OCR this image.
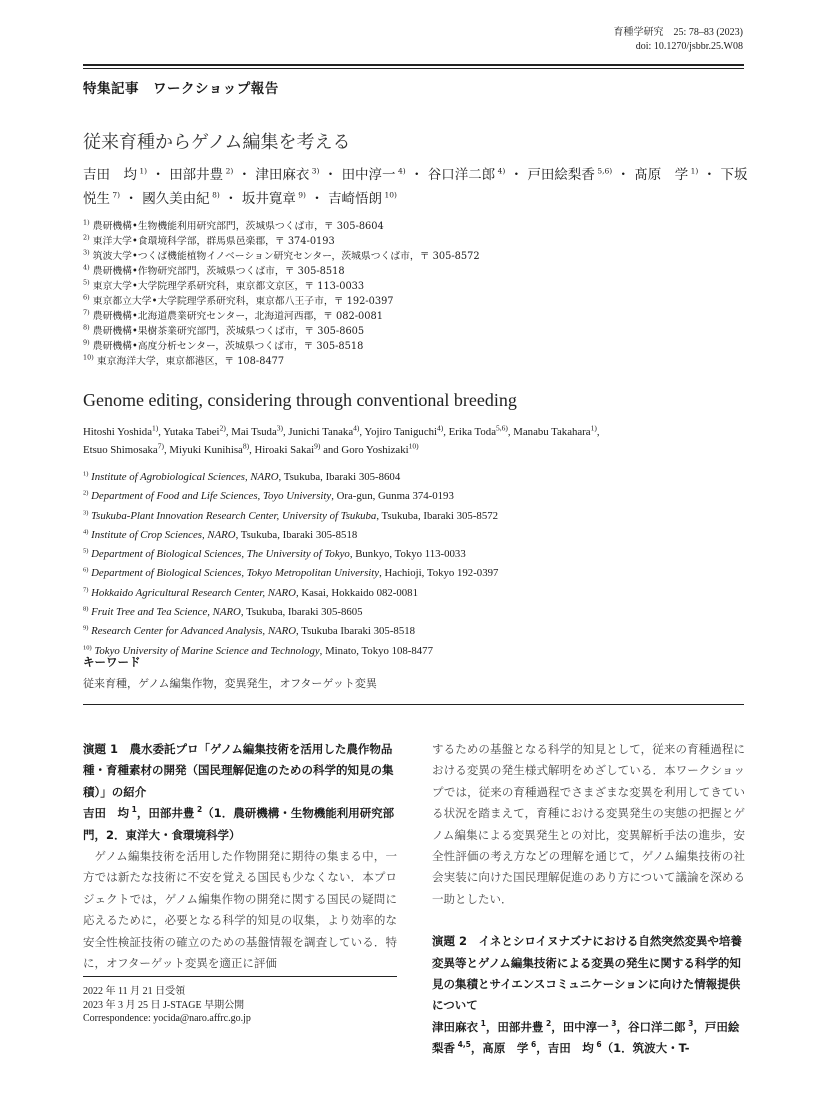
育種学研究　 25: 78–83 (2023)
doi: 10.1270/jsbbr.25.W08
特集記事　ワークショップ報告
従来育種からゲノム編集を考える
吉田　均 $^{1)}$ ・ 田部井豊 $^{2)}$ ・ 津田麻衣 $^{3)}$ ・ 田中淳一 $^{4)}$ ・ 谷口洋二郎 $^{4)}$ ・ 戸田絵梨香 $^{5,6)}$ ・ 髙原　学 $^{1)}$ ・ 下坂悦生 $^{7)}$ ・ 國久美由紀 $^{8)}$ ・ 坂井寛章 $^{9)}$ ・ 吉崎悟朗 $^{10)}$
$^{1)}$ 農研機構•生物機能利用研究部門，茨城県つくば市，〒 305-8604
$^{2)}$ 東洋大学•食環境科学部，群馬県邑楽郡，〒 374-0193
$^{3)}$ 筑波大学•つくば機能植物イノベーション研究センター，茨城県つくば市，〒 305-8572
$^{4)}$ 農研機構•作物研究部門，茨城県つくば市，〒 305-8518
$^{5)}$ 東京大学•大学院理学系研究科，東京都文京区，〒 113-0033
$^{6)}$ 東京都立大学•大学院理学系研究科，東京都八王子市，〒 192-0397
$^{7)}$ 農研機構•北海道農業研究センター，北海道河西郡，〒 082-0081
$^{8)}$ 農研機構•果樹茶業研究部門，茨城県つくば市，〒 305-8605
$^{9)}$ 農研機構•高度分析センター，茨城県つくば市，〒 305-8518
$^{10)}$ 東京海洋大学，東京都港区，〒 108-8477
Genome editing, considering through conventional breeding
Hitoshi Yoshida$^{1)}$, Yutaka Tabei$^{2)}$, Mai Tsuda$^{3)}$, Junichi Tanaka$^{4)}$, Yojiro Taniguchi$^{4)}$, Erika Toda$^{5,6)}$, Manabu Takahara$^{1)}$,
Etsuo Shimosaka$^{7)}$, Miyuki Kunihisa$^{8)}$, Hiroaki Sakai$^{9)}$ and Goro Yoshizaki$^{10)}$
$^{1)}$ Institute of Agrobiological Sciences, NARO, Tsukuba, Ibaraki 305-8604
$^{2)}$ Department of Food and Life Sciences, Toyo University, Ora-gun, Gunma 374-0193
$^{3)}$ Tsukuba-Plant Innovation Research Center, University of Tsukuba, Tsukuba, Ibaraki 305-8572
$^{4)}$ Institute of Crop Sciences, NARO, Tsukuba, Ibaraki 305-8518
$^{5)}$ Department of Biological Sciences, The University of Tokyo, Bunkyo, Tokyo 113-0033
$^{6)}$ Department of Biological Sciences, Tokyo Metropolitan University, Hachioji, Tokyo 192-0397
$^{7)}$ Hokkaido Agricultural Research Center, NARO, Kasai, Hokkaido 082-0081
$^{8)}$ Fruit Tree and Tea Science, NARO, Tsukuba, Ibaraki 305-8605
$^{9)}$ Research Center for Advanced Analysis, NARO, Tsukuba Ibaraki 305-8518
$^{10)}$ Tokyo University of Marine Science and Technology, Minato, Tokyo 108-8477
キーワード
従来育種，ゲノム編集作物，変異発生，オフターゲット変異
演題 1　農水委託プロ「ゲノム編集技術を活用した農作物品種・育種素材の開発（国民理解促進のための科学的知見の集積）」の紹介
吉田　均 $^1$，田部井豊 $^2$（1．農研機構・生物機能利用研究部門，2．東洋大・食環境科学）
ゲノム編集技術を活用した作物開発に期待の集まる中，一方では新たな技術に不安を覚える国民も少なくない．本プロジェクトでは，ゲノム編集作物の開発に関する国民の疑問に応えるために，必要となる科学的知見の収集，より効率的な安全性検証技術の確立のための基盤情報を調査している．特に，オフターゲット変異を適正に評価
2022 年 11 月 21 日受領
2023 年 3 月 25 日 J-STAGE 早期公開
Correspondence: yocida@naro.affrc.go.jp
するための基盤となる科学的知見として，従来の育種過程における変異の発生様式解明をめざしている．本ワークショップでは，従来の育種過程でさまざまな変異を利用してきている状況を踏まえて，育種における変異発生の実態の把握とゲノム編集による変異発生との対比，変異解析手法の進歩，安全性評価の考え方などの理解を通じて，ゲノム編集技術の社会実装に向けた国民理解促進のあり方について議論を深める一助としたい．
演題 2　イネとシロイヌナズナにおける自然突然変異や培養変異等とゲノム編集技術による変異の発生に関する科学的知見の集積とサイエンスコミュニケーションに向けた情報提供について
津田麻衣 $^1$，田部井豊 $^2$，田中淳一 $^3$，谷口洋二郎 $^3$，戸田絵梨香 $^{4,5}$，髙原　学 $^6$，吉田　均 $^6$（1．筑波大・T-
